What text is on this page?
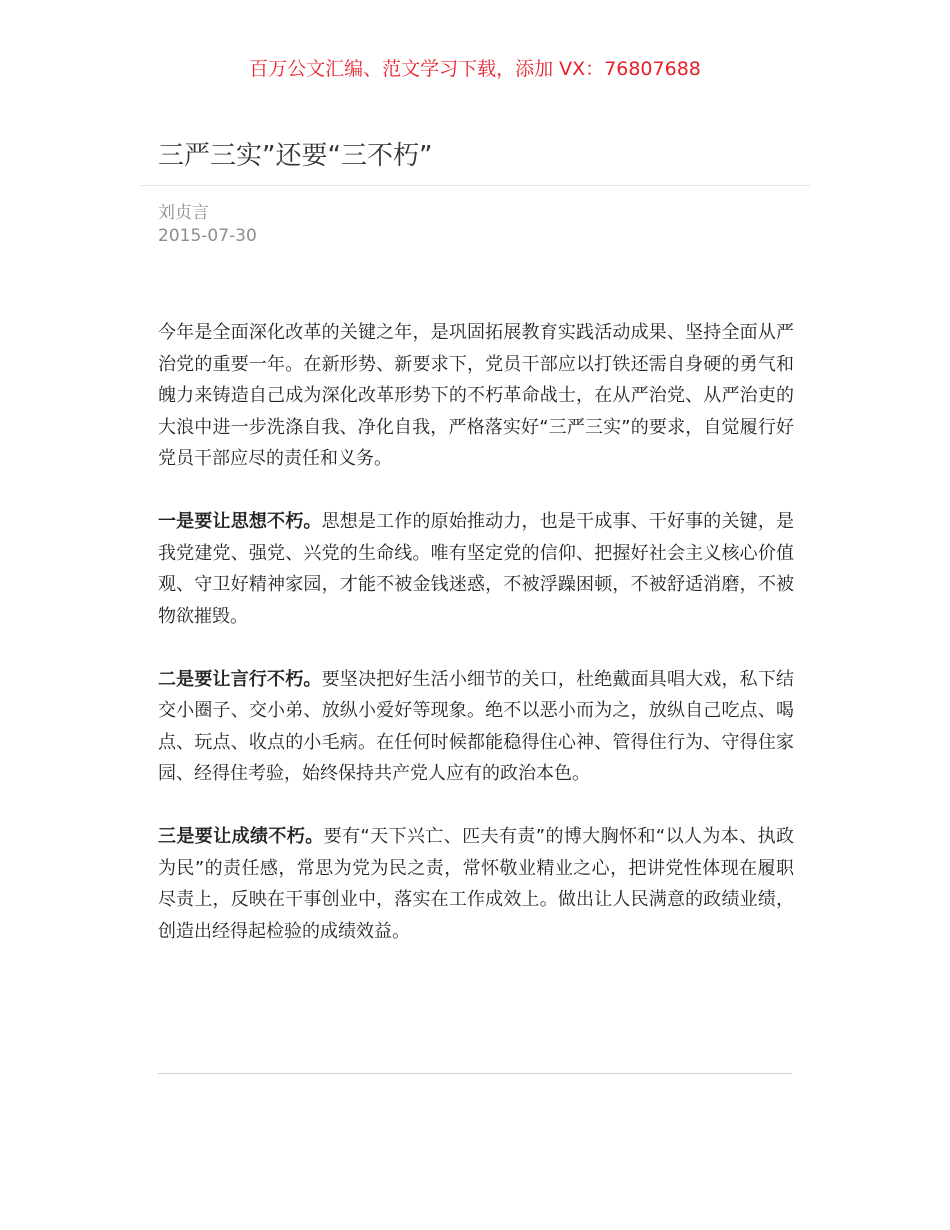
百万公文汇编、范文学习下载，添加 VX：76807688
三严三实”还要“三不朽”
刘贞言
2015-07-30

今年是全面深化改革的关键之年，是巩固拓展教育实践活动成果、坚持全面从严治党的重要一年。在新形势、新要求下，党员干部应以打铁还需自身硬的勇气和魄力来铸造自己成为深化改革形势下的不朽革命战士，在从严治党、从严治吏的大浪中进一步洗涤自我、净化自我，严格落实好“三严三实”的要求，自觉履行好党员干部应尽的责任和义务。

一是要让思想不朽。思想是工作的原始推动力，也是干成事、干好事的关键，是我党建党、强党、兴党的生命线。唯有坚定党的信仰、把握好社会主义核心价值观、守卫好精神家园，才能不被金钱迷惑，不被浮躁困顿，不被舒适消磨，不被物欲摧毁。

二是要让言行不朽。要坚决把好生活小细节的关口，杜绝戴面具唱大戏，私下结交小圈子、交小弟、放纵小爱好等现象。绝不以恶小而为之，放纵自己吃点、喝点、玩点、收点的小毛病。在任何时候都能稳得住心神、管得住行为、守得住家园、经得住考验，始终保持共产党人应有的政治本色。

三是要让成绩不朽。要有“天下兴亡、匹夫有责”的博大胸怀和“以人为本、执政为民”的责任感，常思为党为民之责，常怀敬业精业之心，把讲党性体现在履职尽责上，反映在干事创业中，落实在工作成效上。做出让人民满意的政绩业绩，创造出经得起检验的成绩效益。
